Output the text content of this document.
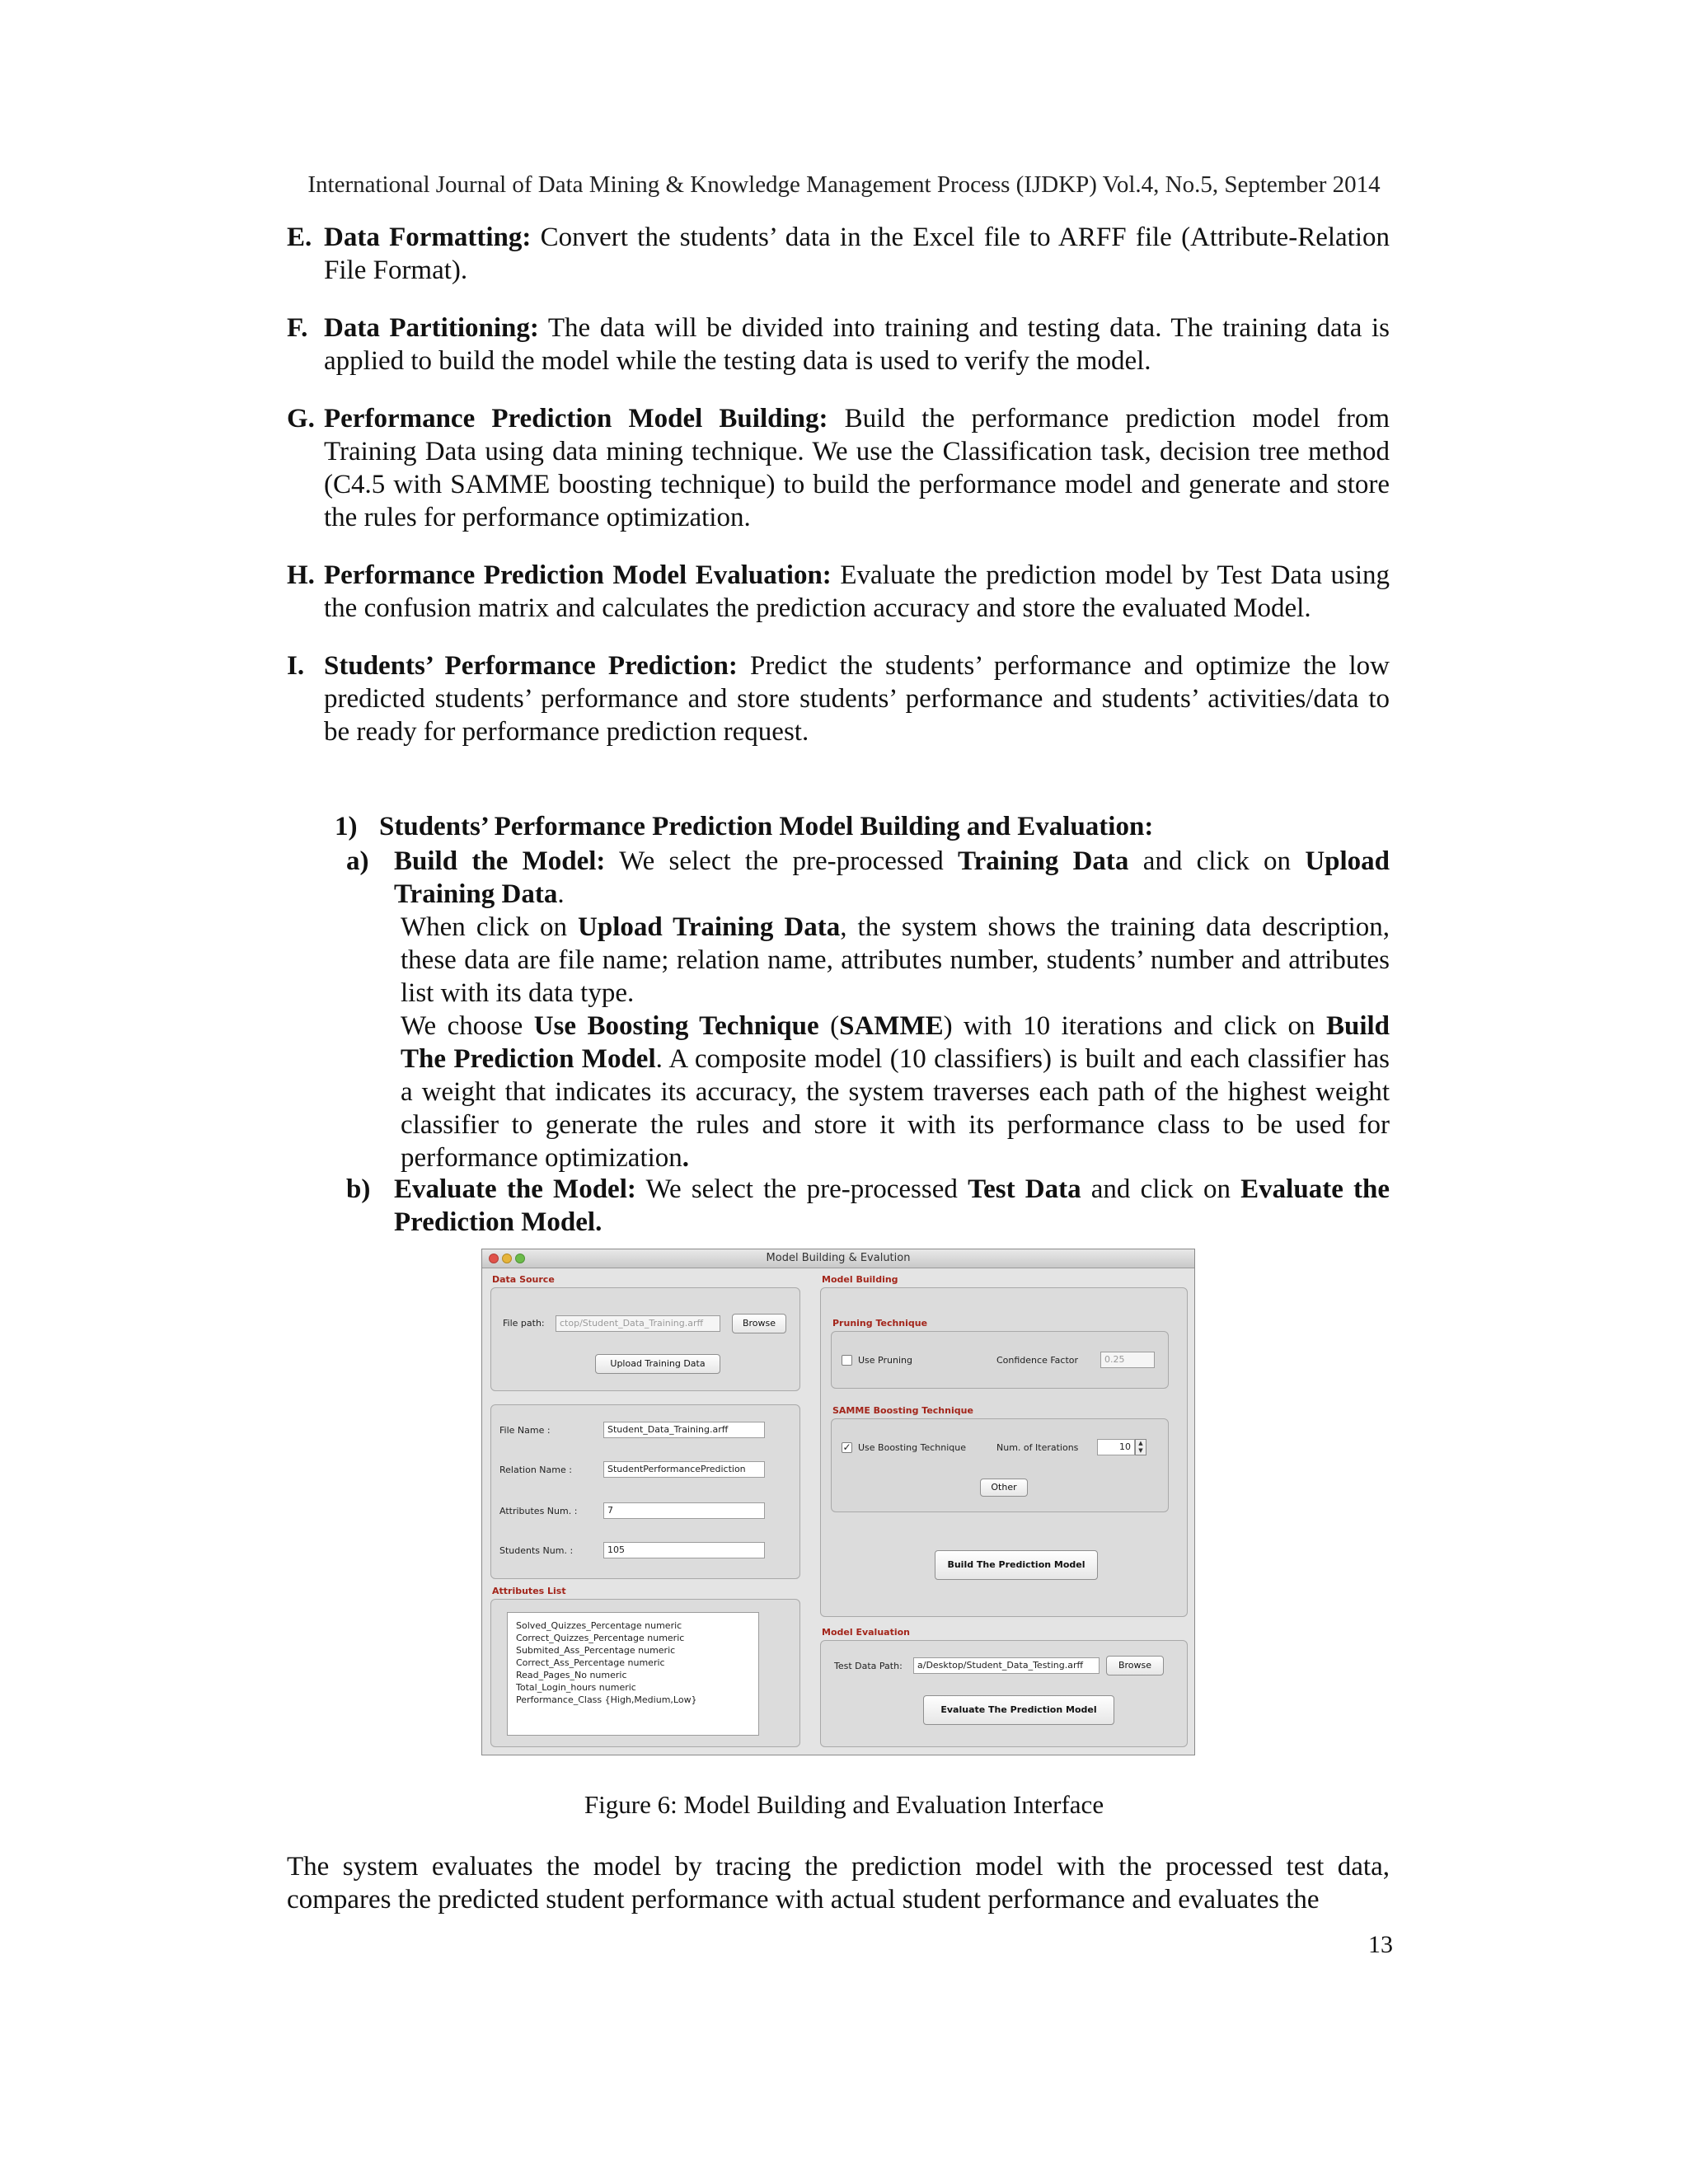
International Journal of Data Mining & Knowledge Management Process (IJDKP) Vol.4, No.5, September 2014

E. Data Formatting: Convert the students’ data in the Excel file to ARFF file (Attribute-Relation File Format).

F. Data Partitioning: The data will be divided into training and testing data. The training data is applied to build the model while the testing data is used to verify the model.

G. Performance Prediction Model Building: Build the performance prediction model from Training Data using data mining technique. We use the Classification task, decision tree method (C4.5 with SAMME boosting technique) to build the performance model and generate and store the rules for performance optimization.

H. Performance Prediction Model Evaluation: Evaluate the prediction model by Test Data using the confusion matrix and calculates the prediction accuracy and store the evaluated Model.

I. Students’ Performance Prediction: Predict the students’ performance and optimize the low predicted students’ performance and store students’ performance and students’ activities/data to be ready for performance prediction request.

1) Students’ Performance Prediction Model Building and Evaluation:
a) Build the Model: We select the pre-processed Training Data and click on Upload Training Data.
When click on Upload Training Data, the system shows the training data description, these data are file name; relation name, attributes number, students’ number and attributes list with its data type.
We choose Use Boosting Technique (SAMME) with 10 iterations and click on Build The Prediction Model. A composite model (10 classifiers) is built and each classifier has a weight that indicates its accuracy, the system traverses each path of the highest weight classifier to generate the rules and store it with its performance class to be used for performance optimization.
b) Evaluate the Model: We select the pre-processed Test Data and click on Evaluate the Prediction Model.
Model Building & Evalution
Data Source
File path:	ctop/Student_Data_Training.arff	Browse
Upload Training Data
File Name :	Student_Data_Training.arff
Relation Name :	StudentPerformancePrediction
Attributes Num. :	7
Students Num. :	105
Attributes List
Solved_Quizzes_Percentage numeric
Correct_Quizzes_Percentage numeric
Submited_Ass_Percentage numeric
Correct_Ass_Percentage numeric
Read_Pages_No numeric
Total_Login_hours numeric
Performance_Class {High,Medium,Low}
Model Building
Pruning Technique
Use Pruning	Confidence Factor	0.25
SAMME Boosting Technique
✓ Use Boosting Technique	Num. of Iterations	10	▲
▼
Other
Build The Prediction Model
Model Evaluation
Test Data Path:	a/Desktop/Student_Data_Testing.arff	Browse
Evaluate The Prediction Model
Figure 6: Model Building and Evaluation Interface
The system evaluates the model by tracing the prediction model with the processed test data, compares the predicted student performance with actual student performance and evaluates the
13
